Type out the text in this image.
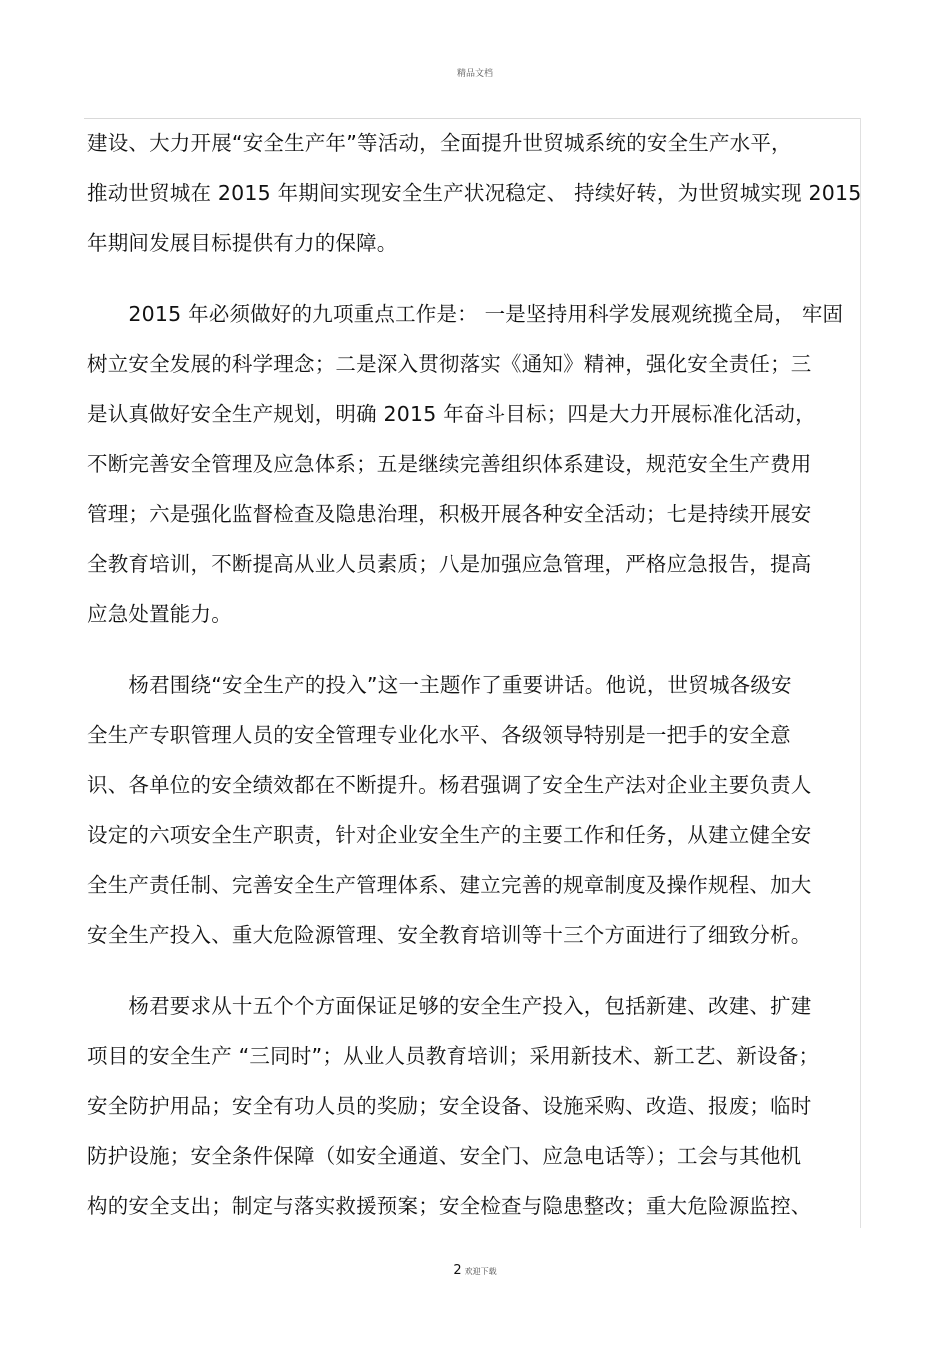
精品文档
建设、大力开展“安全生产年”等活动，全面提升世贸城系统的安全生产水平，
推动世贸城在 2015 年期间实现安全生产状况稳定、 持续好转，为世贸城实现 2015
年期间发展目标提供有力的保障。
　　2015 年必须做好的九项重点工作是： 一是坚持用科学发展观统揽全局， 牢固
树立安全发展的科学理念；二是深入贯彻落实《通知》精神，强化安全责任；三
是认真做好安全生产规划，明确 2015 年奋斗目标；四是大力开展标准化活动，
不断完善安全管理及应急体系；五是继续完善组织体系建设，规范安全生产费用
管理；六是强化监督检查及隐患治理，积极开展各种安全活动；七是持续开展安
全教育培训，不断提高从业人员素质；八是加强应急管理，严格应急报告，提高
应急处置能力。
　　杨君围绕“安全生产的投入”这一主题作了重要讲话。他说，世贸城各级安
全生产专职管理人员的安全管理专业化水平、各级领导特别是一把手的安全意
识、各单位的安全绩效都在不断提升。杨君强调了安全生产法对企业主要负责人
设定的六项安全生产职责，针对企业安全生产的主要工作和任务，从建立健全安
全生产责任制、完善安全生产管理体系、建立完善的规章制度及操作规程、加大
安全生产投入、重大危险源管理、安全教育培训等十三个方面进行了细致分析。
　　杨君要求从十五个个方面保证足够的安全生产投入，包括新建、改建、扩建
项目的安全生产 “三同时”；从业人员教育培训；采用新技术、新工艺、新设备；
安全防护用品；安全有功人员的奖励；安全设备、设施采购、改造、报废；临时
防护设施；安全条件保障（如安全通道、安全门、应急电话等）；工会与其他机
构的安全支出；制定与落实救援预案；安全检查与隐患整改；重大危险源监控、
2 欢迎下载
